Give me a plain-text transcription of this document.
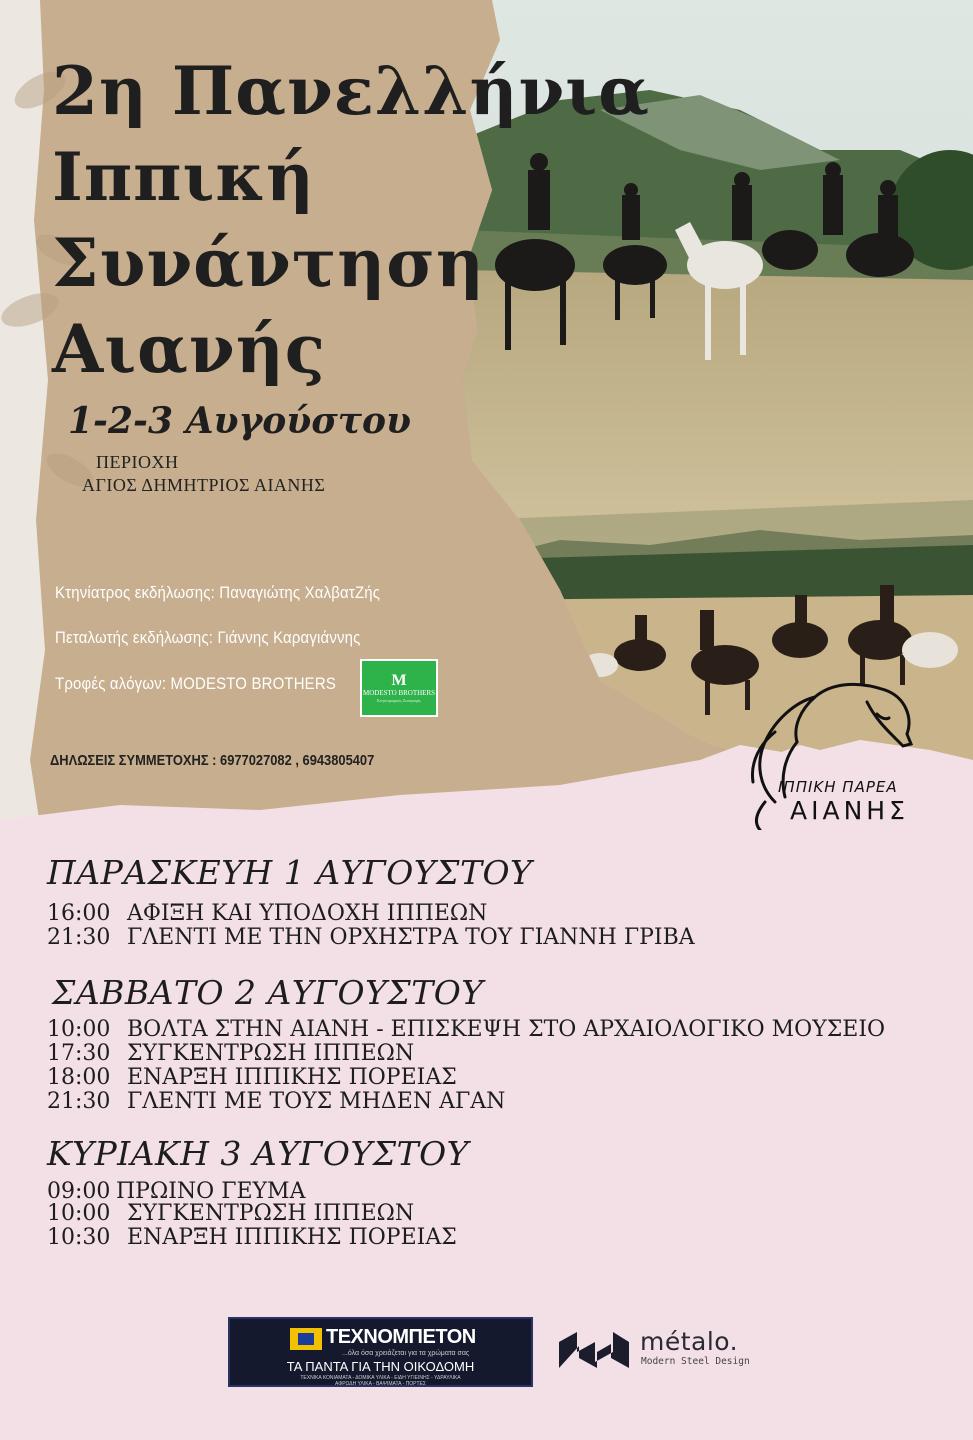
2η Πανελλήνια
Ιππική
Συνάντηση
Αιανής
1-2-3 Αυγούστου
ΠΕΡΙΟΧΗ
ΑΓΙΟΣ ΔΗΜΗΤΡΙΟΣ ΑΙΑΝΗΣ
Κτηνίατρος εκδήλωσης: Παναγιώτης ΧαλβατΖής
Πεταλωτής εκδήλωσης: Γιάννης Καραγιάννης
Τροφές αλόγων: MODESTO BROTHERS	M
MODESTO BROTHERS
Κτηνοτροφικές Ζωοτροφές
ΔΗΛΩΣΕΙΣ ΣΥΜΜΕΤΟΧΗΣ : 6977027082 , 6943805407
ΙΠΠΙΚΗ ΠΑΡΕΑ
ΑΙΑΝΗΣ
ΠΑΡΑΣΚΕΥΗ 1 ΑΥΓΟΥΣΤΟΥ
16:00 ΑΦΙΞΗ ΚΑΙ ΥΠΟΔΟΧΗ ΙΠΠΕΩΝ
21:30 ΓΛΕΝΤΙ ΜΕ ΤΗΝ ΟΡΧΗΣΤΡΑ ΤΟΥ ΓΙΑΝΝΗ ΓΡΙΒΑ
ΣΑΒΒΑΤΟ 2 ΑΥΓΟΥΣΤΟΥ
10:00 ΒΟΛΤΑ ΣΤΗΝ ΑΙΑΝΗ - ΕΠΙΣΚΕΨΗ ΣΤΟ ΑΡΧΑΙΟΛΟΓΙΚΟ ΜΟΥΣΕΙΟ
17:30 ΣΥΓΚΕΝΤΡΩΣΗ ΙΠΠΕΩΝ
18:00 ΕΝΑΡΞΗ ΙΠΠΙΚΗΣ ΠΟΡΕΙΑΣ
21:30 ΓΛΕΝΤΙ ΜΕ ΤΟΥΣ ΜΗΔΕΝ ΑΓΑΝ
ΚΥΡΙΑΚΗ 3 ΑΥΓΟΥΣΤΟΥ
09:00 ΠΡΩΙΝΟ ΓΕΥΜΑ
10:00 ΣΥΓΚΕΝΤΡΩΣΗ ΙΠΠΕΩΝ
10:30 ΕΝΑΡΞΗ ΙΠΠΙΚΗΣ ΠΟΡΕΙΑΣ
ΤΕΧΝΟΜΠΕΤΟΝ
...όλα όσα χρειάζεται για τα χρώματα σας
ΤΑ ΠΑΝΤΑ ΓΙΑ ΤΗΝ ΟΙΚΟΔΟΜΗ
ΤΕΧΝΙΚΑ ΚΟΝΙΑΜΑΤΑ - ΔΟΜΙΚΑ ΥΛΙΚΑ - ΕΙΔΗ ΥΓΙΕΙΝΗΣ - ΥΔΡΑΥΛΙΚΑ
ΑΦΡΩΔΗ ΥΛΙΚΑ - ΒΑΨΙΜΑΤΑ - ΠΟΡΤΕΣ
métalo.
Modern Steel Design
